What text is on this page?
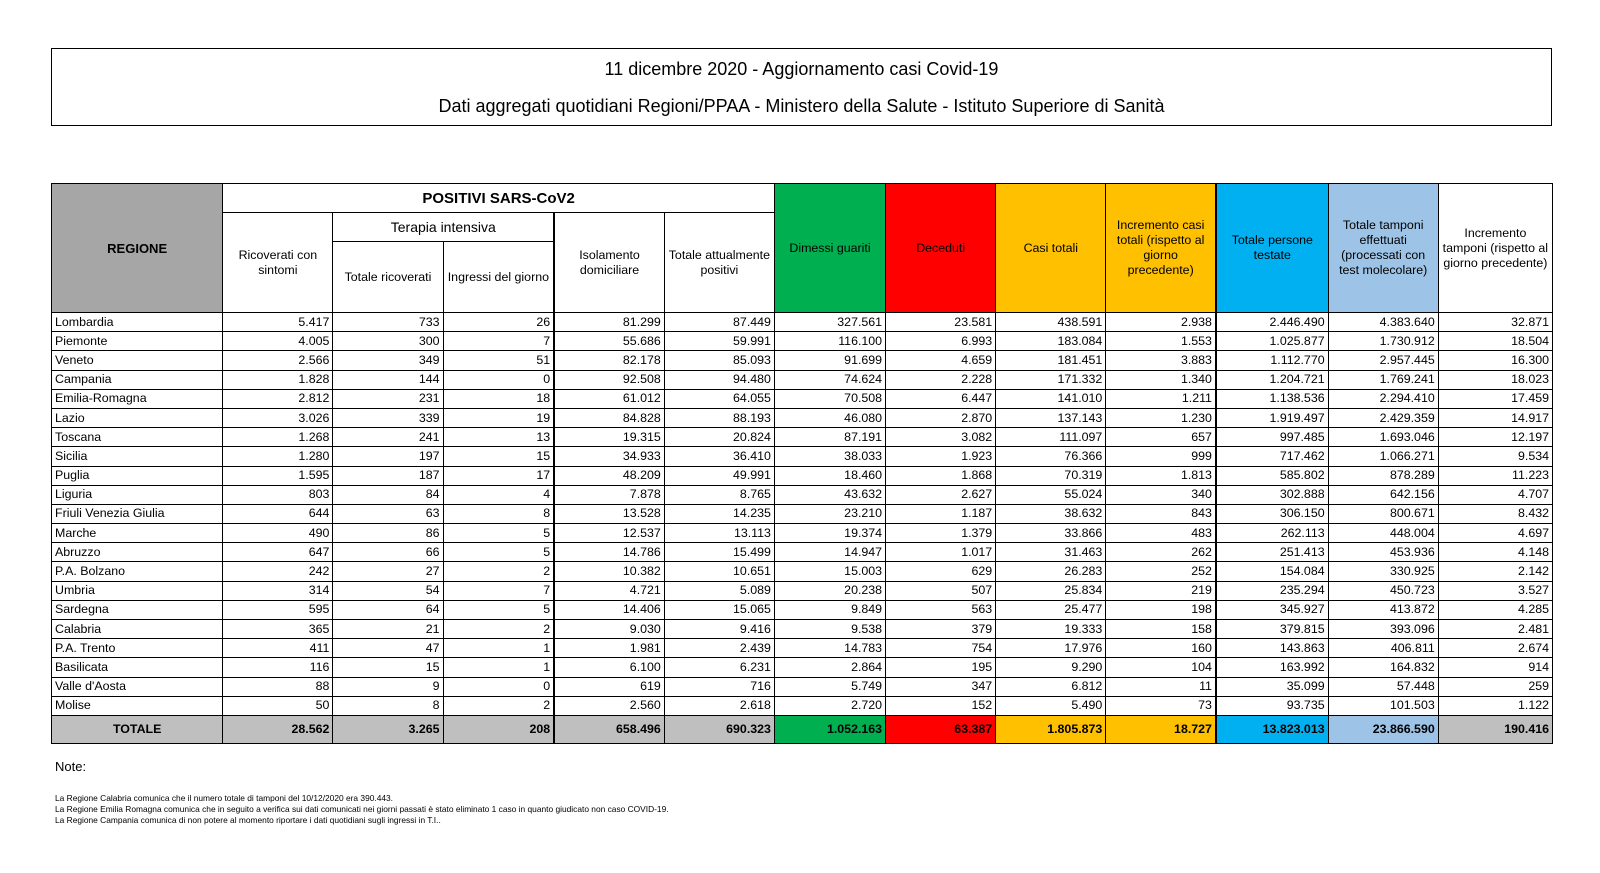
11 dicembre 2020 - Aggiornamento casi Covid-19
Dati aggregati quotidiani Regioni/PPAA - Ministero della Salute - Istituto Superiore di Sanità
REGIONE	POSITIVI SARS-CoV2					Dimessi guariti	Deceduti	Casi totali	Incremento casi totali (rispetto al giorno precedente)	Totale persone testate	Totale tamponi effettuati (processati con test molecolare)	Incremento tamponi (rispetto al giorno precedente)
	Ricoverati con sintomi	Terapia intensiva		Isolamento domiciliare	Totale attualmente positivi							
		Totale ricoverati	Ingressi del giorno									
Lombardia	5.417	733	26	81.299	87.449	327.561	23.581	438.591	2.938	2.446.490	4.383.640	32.871
Piemonte	4.005	300	7	55.686	59.991	116.100	6.993	183.084	1.553	1.025.877	1.730.912	18.504
Veneto	2.566	349	51	82.178	85.093	91.699	4.659	181.451	3.883	1.112.770	2.957.445	16.300
Campania	1.828	144	0	92.508	94.480	74.624	2.228	171.332	1.340	1.204.721	1.769.241	18.023
Emilia-Romagna	2.812	231	18	61.012	64.055	70.508	6.447	141.010	1.211	1.138.536	2.294.410	17.459
Lazio	3.026	339	19	84.828	88.193	46.080	2.870	137.143	1.230	1.919.497	2.429.359	14.917
Toscana	1.268	241	13	19.315	20.824	87.191	3.082	111.097	657	997.485	1.693.046	12.197
Sicilia	1.280	197	15	34.933	36.410	38.033	1.923	76.366	999	717.462	1.066.271	9.534
Puglia	1.595	187	17	48.209	49.991	18.460	1.868	70.319	1.813	585.802	878.289	11.223
Liguria	803	84	4	7.878	8.765	43.632	2.627	55.024	340	302.888	642.156	4.707
Friuli Venezia Giulia	644	63	8	13.528	14.235	23.210	1.187	38.632	843	306.150	800.671	8.432
Marche	490	86	5	12.537	13.113	19.374	1.379	33.866	483	262.113	448.004	4.697
Abruzzo	647	66	5	14.786	15.499	14.947	1.017	31.463	262	251.413	453.936	4.148
P.A. Bolzano	242	27	2	10.382	10.651	15.003	629	26.283	252	154.084	330.925	2.142
Umbria	314	54	7	4.721	5.089	20.238	507	25.834	219	235.294	450.723	3.527
Sardegna	595	64	5	14.406	15.065	9.849	563	25.477	198	345.927	413.872	4.285
Calabria	365	21	2	9.030	9.416	9.538	379	19.333	158	379.815	393.096	2.481
P.A. Trento	411	47	1	1.981	2.439	14.783	754	17.976	160	143.863	406.811	2.674
Basilicata	116	15	1	6.100	6.231	2.864	195	9.290	104	163.992	164.832	914
Valle d'Aosta	88	9	0	619	716	5.749	347	6.812	11	35.099	57.448	259
Molise	50	8	2	2.560	2.618	2.720	152	5.490	73	93.735	101.503	1.122
TOTALE	28.562	3.265	208	658.496	690.323	1.052.163	63.387	1.805.873	18.727	13.823.013	23.866.590	190.416
Note:
La Regione Calabria comunica che il numero totale di tamponi del 10/12/2020 era 390.443.
La Regione Emilia Romagna comunica che in seguito a verifica sui dati comunicati nei giorni passati è stato eliminato 1 caso in quanto giudicato non caso COVID-19.
La Regione Campania comunica di non potere al momento riportare i dati quotidiani sugli ingressi in T.I..
